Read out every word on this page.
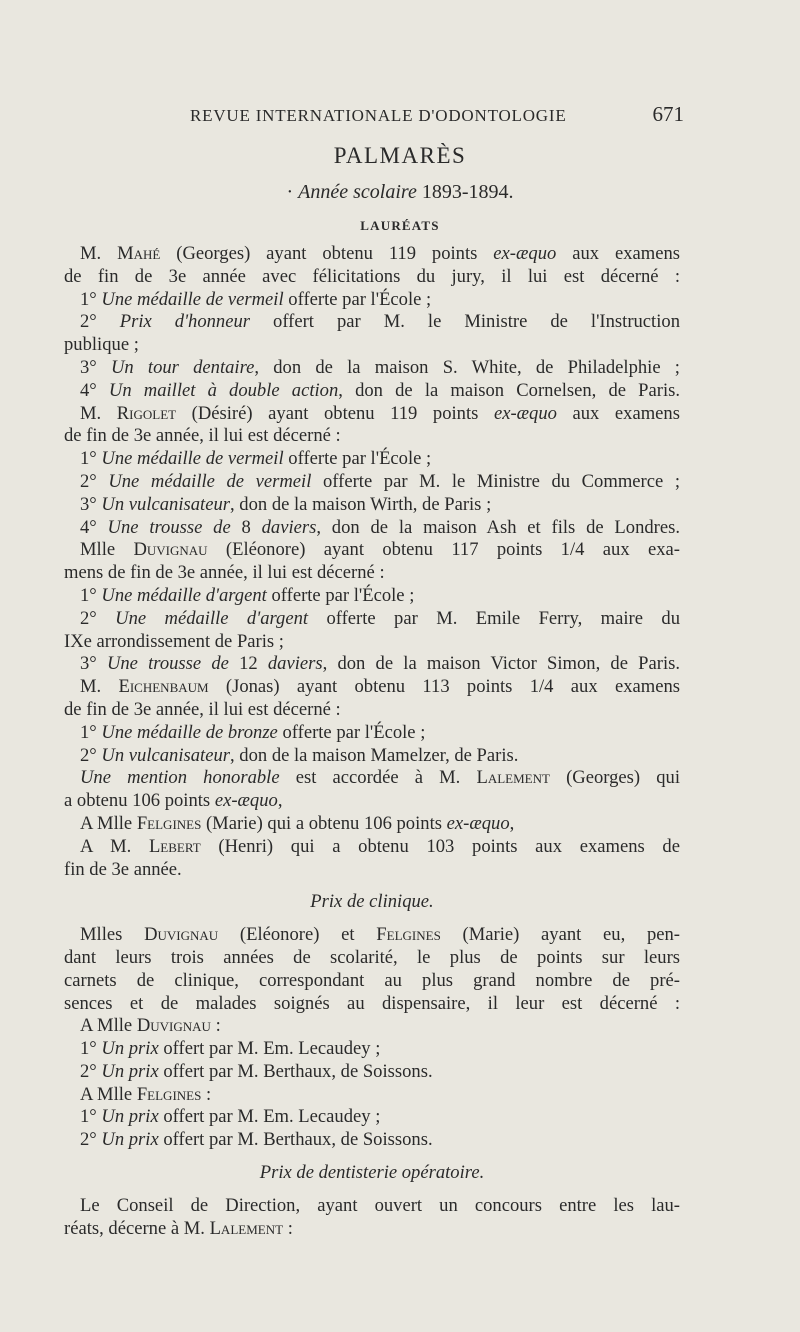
REVUE INTERNATIONALE D'ODONTOLOGIE	671
PALMARÈS
· Année scolaire 1893-1894.
LAURÉATS
M. Mahé (Georges) ayant obtenu 119 points ex-æquo aux examens
de fin de 3e année avec félicitations du jury, il lui est décerné :
1° Une médaille de vermeil offerte par l'École ;
2° Prix d'honneur offert par M. le Ministre de l'Instruction
publique ;
3° Un tour dentaire, don de la maison S. White, de Philadelphie ;
4° Un maillet à double action, don de la maison Cornelsen, de Paris.
M. Rigolet (Désiré) ayant obtenu 119 points ex-æquo aux examens
de fin de 3e année, il lui est décerné :
1° Une médaille de vermeil offerte par l'École ;
2° Une médaille de vermeil offerte par M. le Ministre du Commerce ;
3° Un vulcanisateur, don de la maison Wirth, de Paris ;
4° Une trousse de 8 daviers, don de la maison Ash et fils de Londres.
Mlle Duvignau (Eléonore) ayant obtenu 117 points 1/4 aux exa-
mens de fin de 3e année, il lui est décerné :
1° Une médaille d'argent offerte par l'École ;
2° Une médaille d'argent offerte par M. Emile Ferry, maire du
IXe arrondissement de Paris ;
3° Une trousse de 12 daviers, don de la maison Victor Simon, de Paris.
M. Eichenbaum (Jonas) ayant obtenu 113 points 1/4 aux examens
de fin de 3e année, il lui est décerné :
1° Une médaille de bronze offerte par l'École ;
2° Un vulcanisateur, don de la maison Mamelzer, de Paris.
Une mention honorable est accordée à M. Lalement (Georges) qui
a obtenu 106 points ex-æquo,
A Mlle Felgines (Marie) qui a obtenu 106 points ex-æquo,
A M. Lebert (Henri) qui a obtenu 103 points aux examens de
fin de 3e année.
Prix de clinique.
Mlles Duvignau (Eléonore) et Felgines (Marie) ayant eu, pen-
dant leurs trois années de scolarité, le plus de points sur leurs
carnets de clinique, correspondant au plus grand nombre de pré-
sences et de malades soignés au dispensaire, il leur est décerné :
A Mlle Duvignau :
1° Un prix offert par M. Em. Lecaudey ;
2° Un prix offert par M. Berthaux, de Soissons.
A Mlle Felgines :
1° Un prix offert par M. Em. Lecaudey ;
2° Un prix offert par M. Berthaux, de Soissons.
Prix de dentisterie opératoire.
Le Conseil de Direction, ayant ouvert un concours entre les lau-
réats, décerne à M. Lalement :
